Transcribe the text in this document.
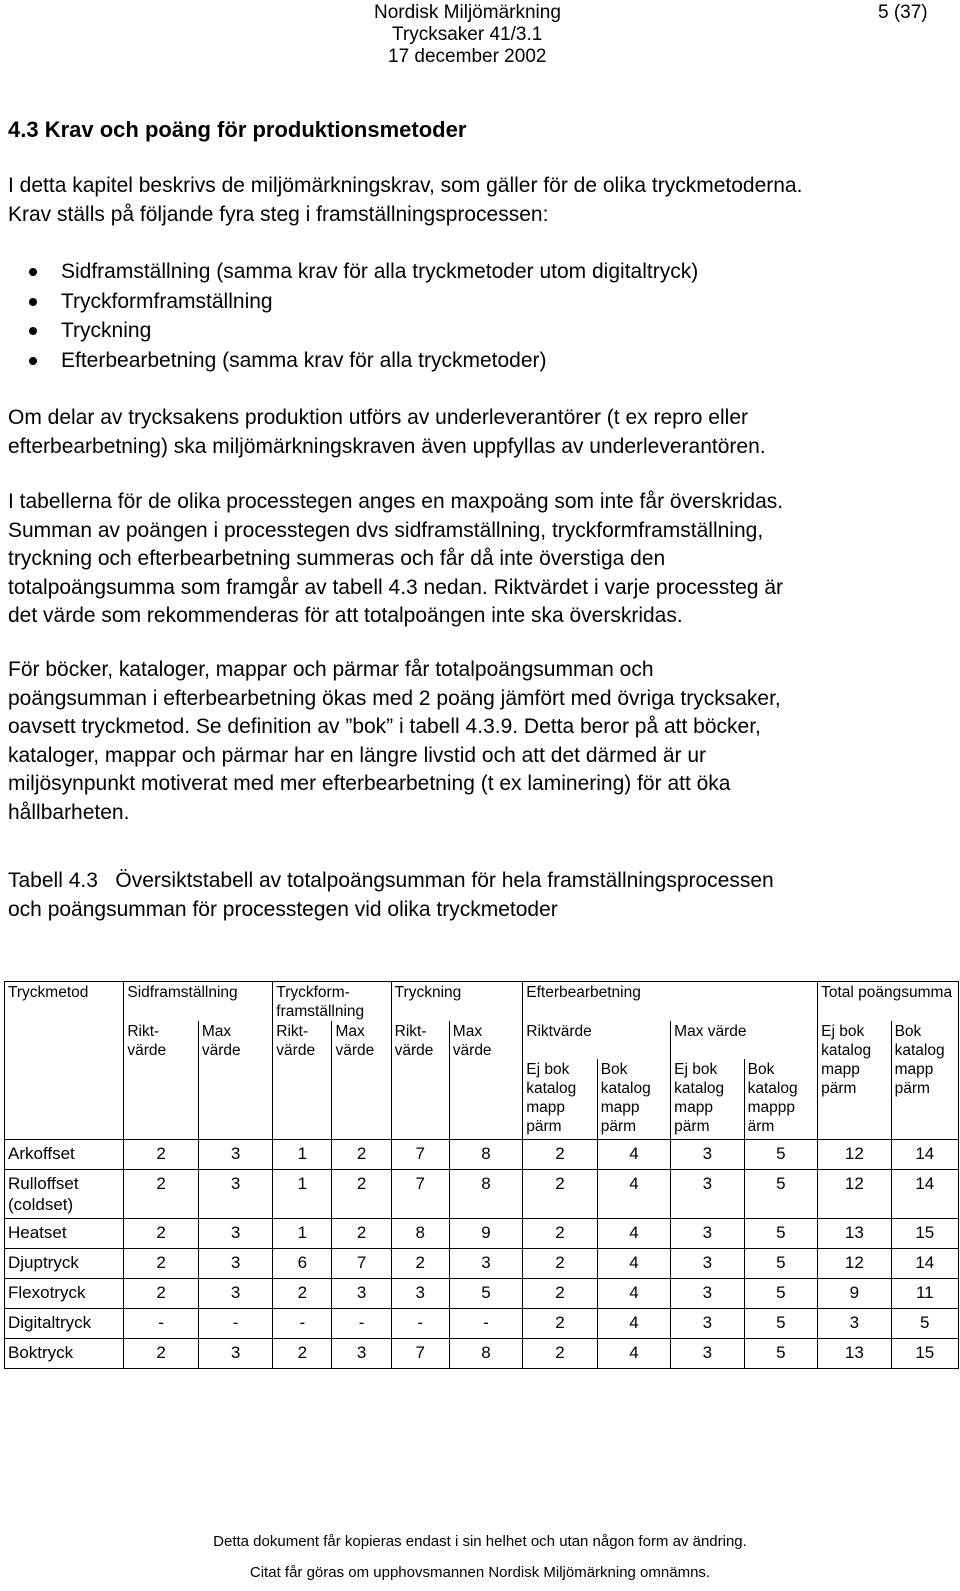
Nordisk Miljömärkning	5 (37)
Trycksaker 41/3.1
17 december 2002
4.3 Krav och poäng för produktionsmetoder

I detta kapitel beskrivs de miljömärkningskrav, som gäller för de olika tryckmetoderna.

Krav ställs på följande fyra steg i framställningsprocessen:

Sidframställning (samma krav för alla tryckmetoder utom digitaltryck)
Tryckformframställning
Tryckning
Efterbearbetning (samma krav för alla tryckmetoder)

Om delar av trycksakens produktion utförs av underleverantörer (t ex repro eller

efterbearbetning) ska miljömärkningskraven även uppfyllas av underleverantören.

I tabellerna för de olika processtegen anges en maxpoäng som inte får överskridas.

Summan av poängen i processtegen dvs sidframställning, tryckformframställning,

tryckning och efterbearbetning summeras och får då inte överstiga den

totalpoängsumma som framgår av tabell 4.3 nedan. Riktvärdet i varje processteg är

det värde som rekommenderas för att totalpoängen inte ska överskridas.

För böcker, kataloger, mappar och pärmar får totalpoängsumman och

poängsumman i efterbearbetning ökas med 2 poäng jämfört med övriga trycksaker,

oavsett tryckmetod. Se definition av ”bok” i tabell 4.3.9. Detta beror på att böcker,

kataloger, mappar och pärmar har en längre livstid och att det därmed är ur

miljösynpunkt motiverat med mer efterbearbetning (t ex laminering) för att öka

hållbarheten.

Tabell 4.3   Översiktstabell av totalpoängsumman för hela framställningsprocessen

och poängsumman för processtegen vid olika tryckmetoder

Tryckmetod	Sidframställning		Tryckform- framställning		Tryckning		Efterbearbetning				Total poängsumma	
	Rikt- värde	Max värde	Rikt- värde	Max värde	Rikt- värde	Max värde	Riktvärde		Max värde		Ej bok katalog mapp pärm	Bok katalog mapp pärm
							Ej bok katalog mapp pärm	Bok katalog mapp pärm	Ej bok katalog mapp pärm	Bok katalog mappp ärm		
Arkoffset	2	3	1	2	7	8	2	4	3	5	12	14
Rulloffset (coldset)	2	3	1	2	7	8	2	4	3	5	12	14
Heatset	2	3	1	2	8	9	2	4	3	5	13	15
Djuptryck	2	3	6	7	2	3	2	4	3	5	12	14
Flexotryck	2	3	2	3	3	5	2	4	3	5	9	11
Digitaltryck	-	-	-	-	-	-	2	4	3	5	3	5
Boktryck	2	3	2	3	7	8	2	4	3	5	13	15
Detta dokument får kopieras endast i sin helhet och utan någon form av ändring.
Citat får göras om upphovsmannen Nordisk Miljömärkning omnämns.
